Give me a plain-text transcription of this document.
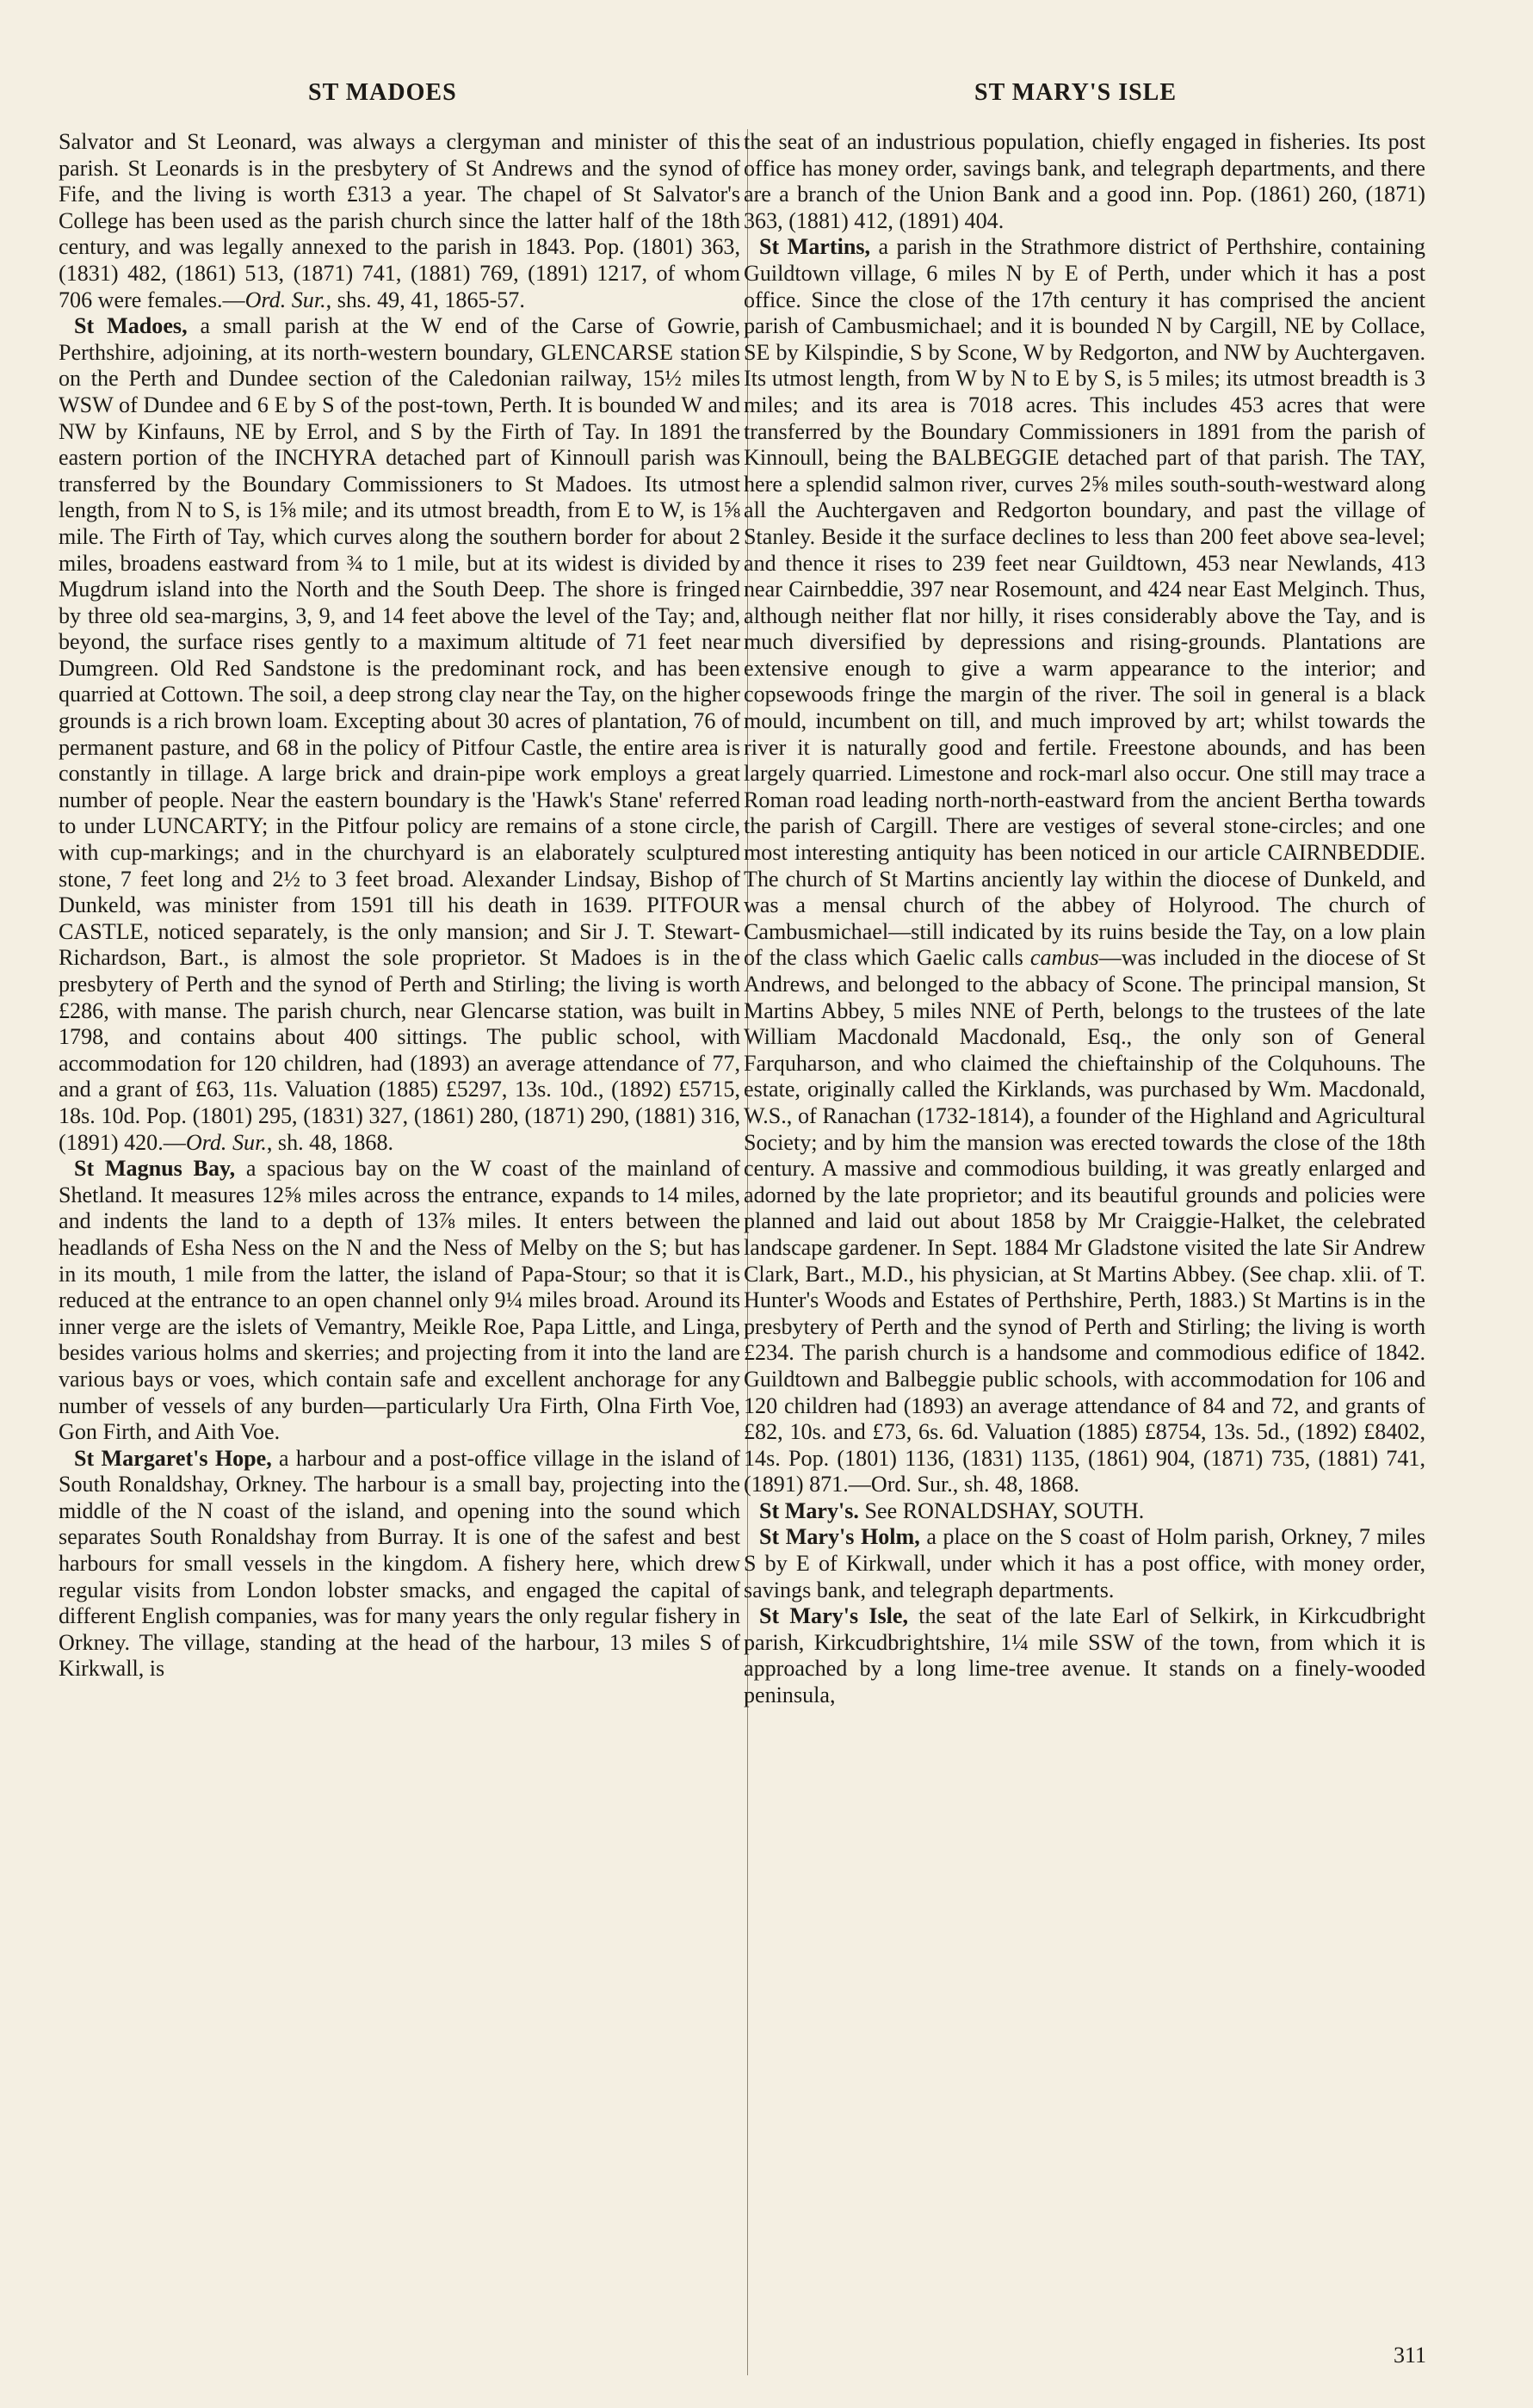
ST MADOES	ST MARY'S ISLE

Salvator and St Leonard, was always a clergyman and minister of this parish. St Leonards is in the presbytery of St Andrews and the synod of Fife, and the living is worth £313 a year. The chapel of St Salvator's College has been used as the parish church since the latter half of the 18th century, and was legally annexed to the parish in 1843. Pop. (1801) 363, (1831) 482, (1861) 513, (1871) 741, (1881) 769, (1891) 1217, of whom 706 were females.—Ord. Sur., shs. 49, 41, 1865-57.

St Madoes, a small parish at the W end of the Carse of Gowrie, Perthshire, adjoining, at its north-western boundary, GLENCARSE station on the Perth and Dundee section of the Caledonian railway, 15½ miles WSW of Dundee and 6 E by S of the post-town, Perth. It is bounded W and NW by Kinfauns, NE by Errol, and S by the Firth of Tay. In 1891 the eastern portion of the INCHYRA detached part of Kinnoull parish was transferred by the Boundary Commissioners to St Madoes. Its utmost length, from N to S, is 1⅝ mile; and its utmost breadth, from E to W, is 1⅝ mile. The Firth of Tay, which curves along the southern border for about 2 miles, broadens eastward from ¾ to 1 mile, but at its widest is divided by Mugdrum island into the North and the South Deep. The shore is fringed by three old sea-margins, 3, 9, and 14 feet above the level of the Tay; and, beyond, the surface rises gently to a maximum altitude of 71 feet near Dumgreen. Old Red Sandstone is the predominant rock, and has been quarried at Cottown. The soil, a deep strong clay near the Tay, on the higher grounds is a rich brown loam. Excepting about 30 acres of plantation, 76 of permanent pasture, and 68 in the policy of Pitfour Castle, the entire area is constantly in tillage. A large brick and drain-pipe work employs a great number of people. Near the eastern boundary is the 'Hawk's Stane' referred to under LUNCARTY; in the Pitfour policy are remains of a stone circle, with cup-markings; and in the churchyard is an elaborately sculptured stone, 7 feet long and 2½ to 3 feet broad. Alexander Lindsay, Bishop of Dunkeld, was minister from 1591 till his death in 1639. PITFOUR CASTLE, noticed separately, is the only mansion; and Sir J. T. Stewart-Richardson, Bart., is almost the sole proprietor. St Madoes is in the presbytery of Perth and the synod of Perth and Stirling; the living is worth £286, with manse. The parish church, near Glencarse station, was built in 1798, and contains about 400 sittings. The public school, with accommodation for 120 children, had (1893) an average attendance of 77, and a grant of £63, 11s. Valuation (1885) £5297, 13s. 10d., (1892) £5715, 18s. 10d. Pop. (1801) 295, (1831) 327, (1861) 280, (1871) 290, (1881) 316, (1891) 420.—Ord. Sur., sh. 48, 1868.

St Magnus Bay, a spacious bay on the W coast of the mainland of Shetland. It measures 12⅝ miles across the entrance, expands to 14 miles, and indents the land to a depth of 13⅞ miles. It enters between the headlands of Esha Ness on the N and the Ness of Melby on the S; but has in its mouth, 1 mile from the latter, the island of Papa-Stour; so that it is reduced at the entrance to an open channel only 9¼ miles broad. Around its inner verge are the islets of Vemantry, Meikle Roe, Papa Little, and Linga, besides various holms and skerries; and projecting from it into the land are various bays or voes, which contain safe and excellent anchorage for any number of vessels of any burden—particularly Ura Firth, Olna Firth Voe, Gon Firth, and Aith Voe.

St Margaret's Hope, a harbour and a post-office village in the island of South Ronaldshay, Orkney. The harbour is a small bay, projecting into the middle of the N coast of the island, and opening into the sound which separates South Ronaldshay from Burray. It is one of the safest and best harbours for small vessels in the kingdom. A fishery here, which drew regular visits from London lobster smacks, and engaged the capital of different English companies, was for many years the only regular fishery in Orkney. The village, standing at the head of the harbour, 13 miles S of Kirkwall, is

the seat of an industrious population, chiefly engaged in fisheries. Its post office has money order, savings bank, and telegraph departments, and there are a branch of the Union Bank and a good inn. Pop. (1861) 260, (1871) 363, (1881) 412, (1891) 404.

St Martins, a parish in the Strathmore district of Perthshire, containing Guildtown village, 6 miles N by E of Perth, under which it has a post office. Since the close of the 17th century it has comprised the ancient parish of Cambusmichael; and it is bounded N by Cargill, NE by Collace, SE by Kilspindie, S by Scone, W by Redgorton, and NW by Auchtergaven. Its utmost length, from W by N to E by S, is 5 miles; its utmost breadth is 3 miles; and its area is 7018 acres. This includes 453 acres that were transferred by the Boundary Commissioners in 1891 from the parish of Kinnoull, being the BALBEGGIE detached part of that parish. The TAY, here a splendid salmon river, curves 2⅝ miles south-south-westward along all the Auchtergaven and Redgorton boundary, and past the village of Stanley. Beside it the surface declines to less than 200 feet above sea-level; and thence it rises to 239 feet near Guildtown, 453 near Newlands, 413 near Cairnbeddie, 397 near Rosemount, and 424 near East Melginch. Thus, although neither flat nor hilly, it rises considerably above the Tay, and is much diversified by depressions and rising-grounds. Plantations are extensive enough to give a warm appearance to the interior; and copsewoods fringe the margin of the river. The soil in general is a black mould, incumbent on till, and much improved by art; whilst towards the river it is naturally good and fertile. Freestone abounds, and has been largely quarried. Limestone and rock-marl also occur. One still may trace a Roman road leading north-north-eastward from the ancient Bertha towards the parish of Cargill. There are vestiges of several stone-circles; and one most interesting antiquity has been noticed in our article CAIRNBEDDIE. The church of St Martins anciently lay within the diocese of Dunkeld, and was a mensal church of the abbey of Holyrood. The church of Cambusmichael—still indicated by its ruins beside the Tay, on a low plain of the class which Gaelic calls cambus—was included in the diocese of St Andrews, and belonged to the abbacy of Scone. The principal mansion, St Martins Abbey, 5 miles NNE of Perth, belongs to the trustees of the late William Macdonald Macdonald, Esq., the only son of General Farquharson, and who claimed the chieftainship of the Colquhouns. The estate, originally called the Kirklands, was purchased by Wm. Macdonald, W.S., of Ranachan (1732-1814), a founder of the Highland and Agricultural Society; and by him the mansion was erected towards the close of the 18th century. A massive and commodious building, it was greatly enlarged and adorned by the late proprietor; and its beautiful grounds and policies were planned and laid out about 1858 by Mr Craiggie-Halket, the celebrated landscape gardener. In Sept. 1884 Mr Gladstone visited the late Sir Andrew Clark, Bart., M.D., his physician, at St Martins Abbey. (See chap. xlii. of T. Hunter's Woods and Estates of Perthshire, Perth, 1883.) St Martins is in the presbytery of Perth and the synod of Perth and Stirling; the living is worth £234. The parish church is a handsome and commodious edifice of 1842. Guildtown and Balbeggie public schools, with accommodation for 106 and 120 children had (1893) an average attendance of 84 and 72, and grants of £82, 10s. and £73, 6s. 6d. Valuation (1885) £8754, 13s. 5d., (1892) £8402, 14s. Pop. (1801) 1136, (1831) 1135, (1861) 904, (1871) 735, (1881) 741, (1891) 871.—Ord. Sur., sh. 48, 1868.

St Mary's. See RONALDSHAY, SOUTH.

St Mary's Holm, a place on the S coast of Holm parish, Orkney, 7 miles S by E of Kirkwall, under which it has a post office, with money order, savings bank, and telegraph departments.

St Mary's Isle, the seat of the late Earl of Selkirk, in Kirkcudbright parish, Kirkcudbrightshire, 1¼ mile SSW of the town, from which it is approached by a long lime-tree avenue. It stands on a finely-wooded peninsula,

311
